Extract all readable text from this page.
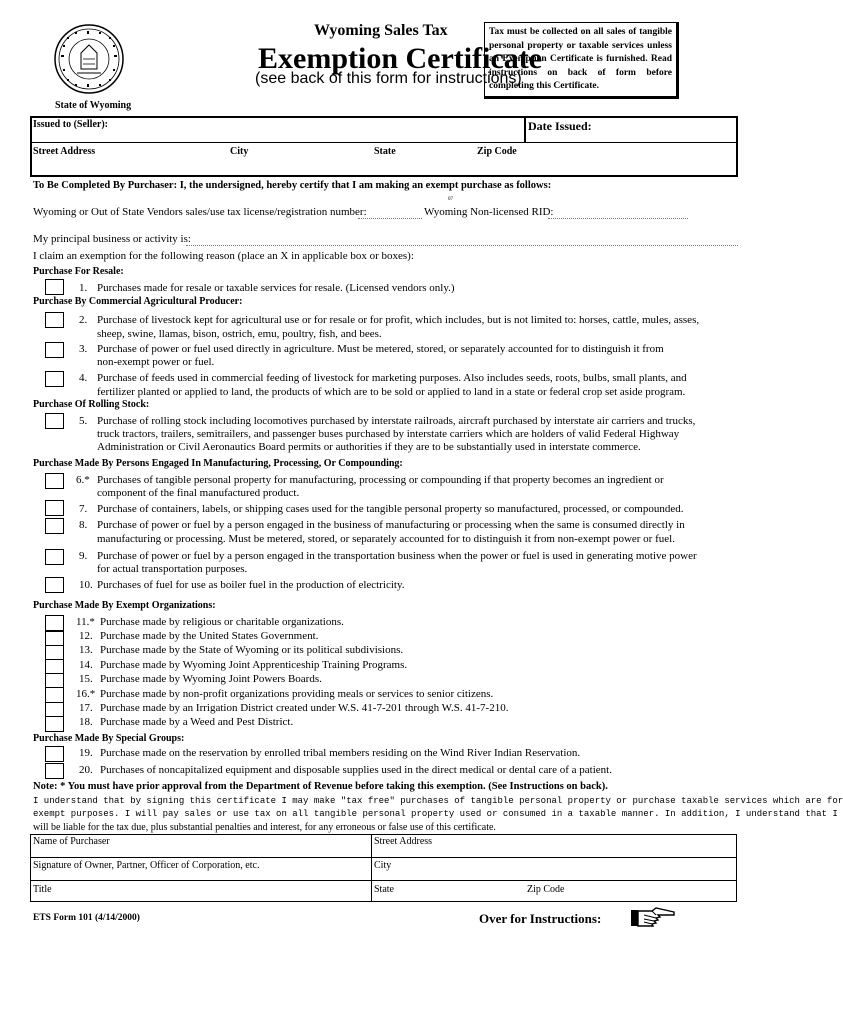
Wyoming Sales Tax
Exemption Certificate
(see back of this form for instructions)
Tax must be collected on all sales of tangible personal property or taxable services unless an Exemption Certificate is furnished. Read instructions on back of form before completing this Certificate.
State of Wyoming
Issued to (Seller):	Date Issued:
Street Address	City	State	Zip Code
To Be Completed By Purchaser: I, the undersigned, hereby certify that I am making an exempt purchase as follows:
07
Wyoming or Out of State Vendors sales/use tax license/registration number:	Wyoming Non-licensed RID:
My principal business or activity is:
I claim an exemption for the following reason (place an X in applicable box or boxes):
Purchase For Resale:
Purchase By Commercial Agricultural Producer:
Purchase Of Rolling Stock:
Purchase Made By Persons Engaged In Manufacturing, Processing, Or Compounding:
Purchase Made By Exempt Organizations:
Purchase Made By Special Groups:
1. Purchases made for resale or taxable services for resale. (Licensed vendors only.)
2. Purchase of livestock kept for agricultural use or for resale or for profit, which includes, but is not limited to: horses, cattle, mules, asses,
sheep, swine, llamas, bison, ostrich, emu, poultry, fish, and bees.
3. Purchase of power or fuel used directly in agriculture. Must be metered, stored, or separately accounted for to distinguish it from
non-exempt power or fuel.
4. Purchase of feeds used in commercial feeding of livestock for marketing purposes. Also includes seeds, roots, bulbs, small plants, and
fertilizer planted or applied to land, the products of which are to be sold or applied to land in a state or federal crop set aside program.
5. Purchase of rolling stock including locomotives purchased by interstate railroads, aircraft purchased by interstate air carriers and trucks,
truck tractors, trailers, semitrailers, and passenger buses purchased by interstate carriers which are holders of valid Federal Highway
Administration or Civil Aeronautics Board permits or authorities if they are to be substantially used in interstate commerce.
6.* Purchases of tangible personal property for manufacturing, processing or compounding if that property becomes an ingredient or
component of the final manufactured product.
7. Purchase of containers, labels, or shipping cases used for the tangible personal property so manufactured, processed, or compounded.
8. Purchase of power or fuel by a person engaged in the business of manufacturing or processing when the same is consumed directly in
manufacturing or processing. Must be metered, stored, or separately accounted for to distinguish it from non-exempt power or fuel.
9. Purchase of power or fuel by a person engaged in the transportation business when the power or fuel is used in generating motive power
for actual transportation purposes.
10. Purchases of fuel for use as boiler fuel in the production of electricity.
11.* Purchase made by religious or charitable organizations.
12. Purchase made by the United States Government.
13. Purchase made by the State of Wyoming or its political subdivisions.
14. Purchase made by Wyoming Joint Apprenticeship Training Programs.
15. Purchase made by Wyoming Joint Powers Boards.
16.* Purchase made by non-profit organizations providing meals or services to senior citizens.
17. Purchase made by an Irrigation District created under W.S. 41-7-201 through W.S. 41-7-210.
18. Purchase made by a Weed and Pest District.
19. Purchase made on the reservation by enrolled tribal members residing on the Wind River Indian Reservation.
20. Purchases of noncapitalized equipment and disposable supplies used in the direct medical or dental care of a patient.
Note: * You must have prior approval from the Department of Revenue before taking this exemption. (See Instructions on back).
I understand that by signing this certificate I may make "tax free" purchases of tangible personal property or purchase taxable services which are for
exempt purposes. I will pay sales or use tax on all tangible personal property used or consumed in a taxable manner. In addition, I understand that I
will be liable for the tax due, plus substantial penalties and interest, for any erroneous or false use of this certificate.
Name of Purchaser	Street Address
Signature of Owner, Partner, Officer of Corporation, etc.	City
Title	State	Zip Code
ETS Form 101 (4/14/2000)	Over for Instructions:
